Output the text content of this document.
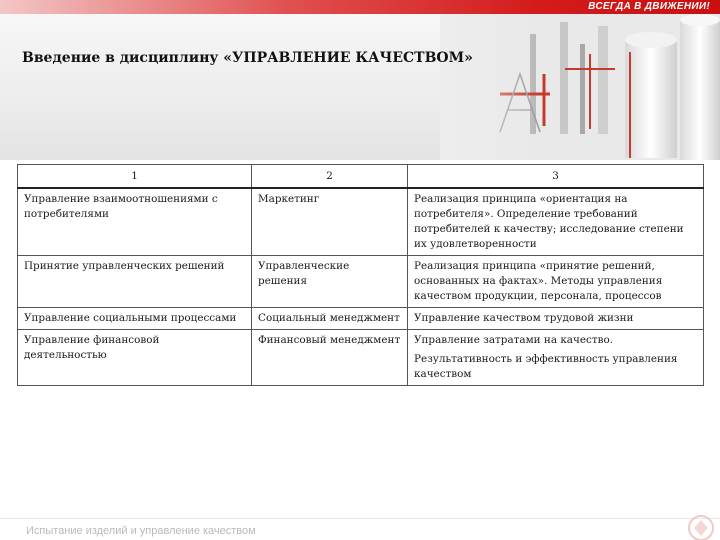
ВСЕГДА В ДВИЖЕНИИ!
Введение в дисциплину «УПРАВЛЕНИЕ КАЧЕСТВОМ»
1	2	3
Управление взаимоотношениями с потребителями	Маркетинг	Реализация принципа «ориентация на потребителя». Определение требований потребителей к качеству; исследование степени их удовлетворенности

Принятие управленческих решений	Управленческие решения	Реализация принципа «принятие решений, основанных на фактах». Методы управления качеством продукции, персонала, процессов

Управление социальными процессами	Социальный менеджмент	Управление качеством трудовой жизни

Управление финансовой деятельностью	Финансовый менеджмент	Управление затратами на качество.
Результативность и эффективность управления качеством
Испытание изделий и управление качеством
